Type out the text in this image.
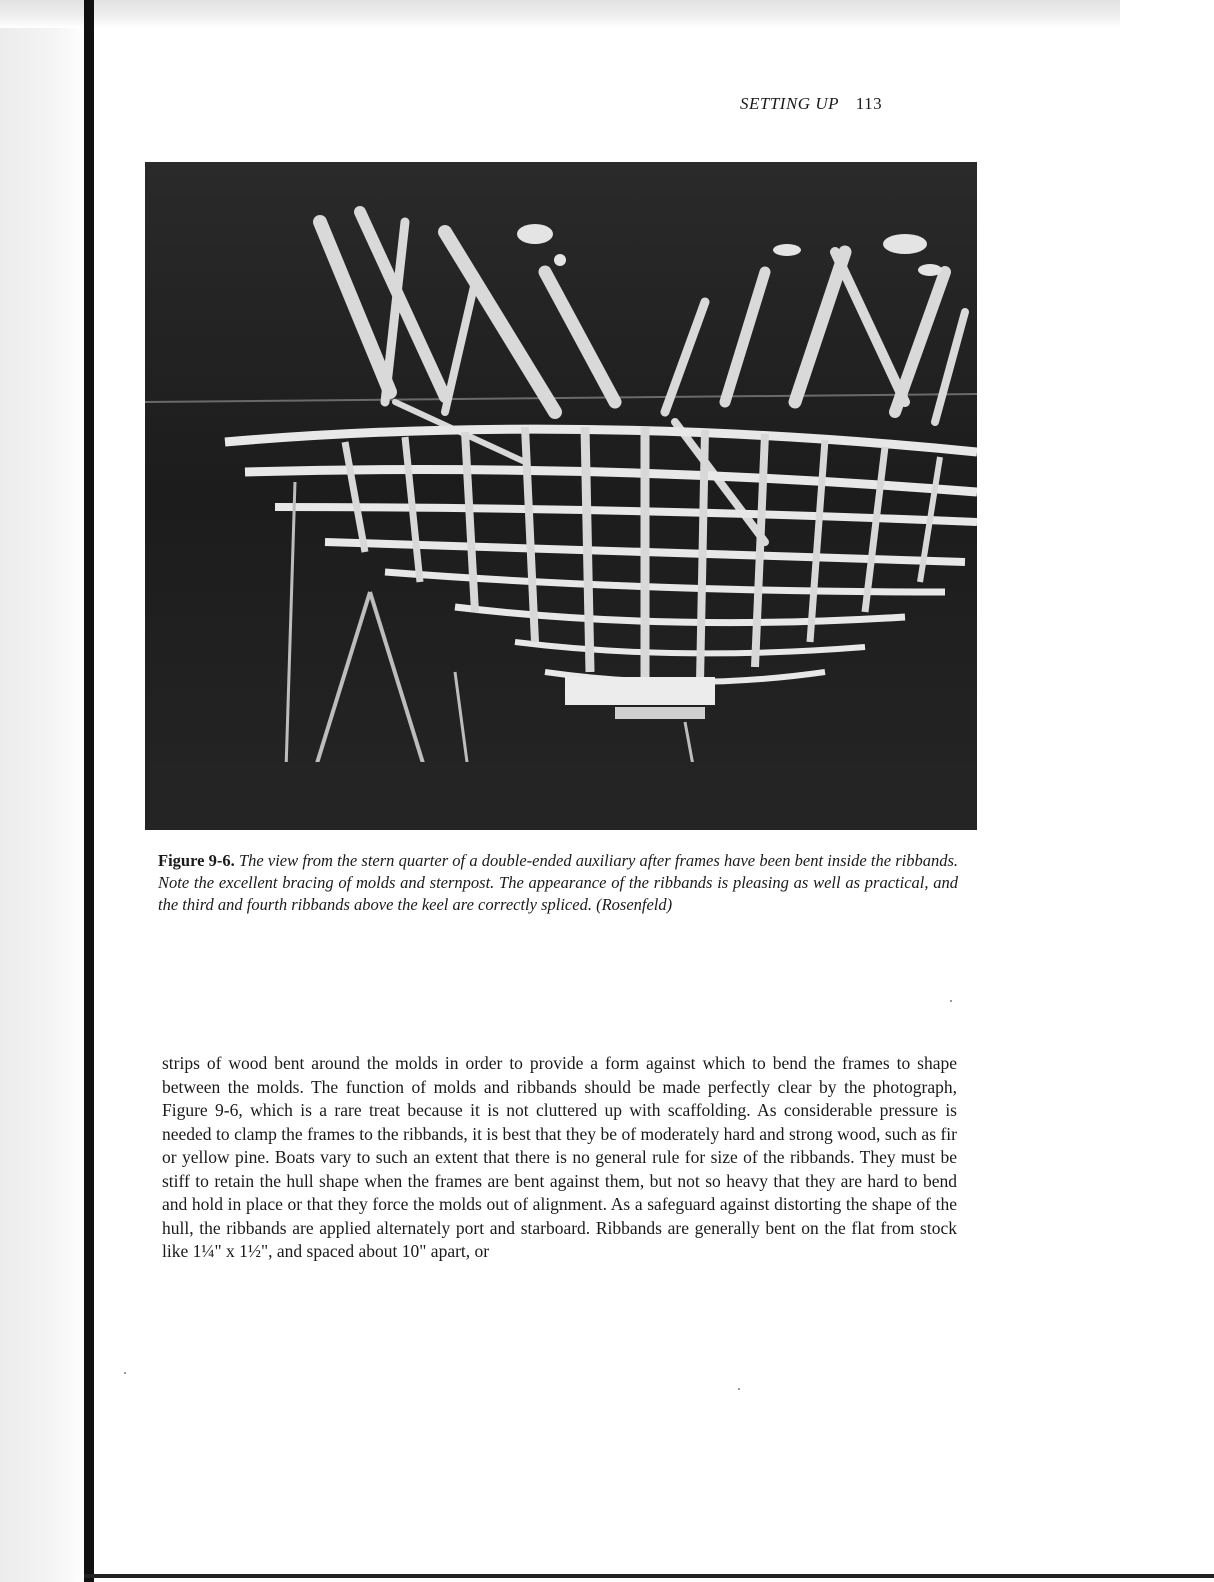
SETTING UP 113
Figure 9-6. The view from the stern quarter of a double-ended auxiliary after frames have been bent inside the ribbands. Note the excellent bracing of molds and sternpost. The appearance of the ribbands is pleasing as well as practical, and the third and fourth ribbands above the keel are correctly spliced. (Rosenfeld)

strips of wood bent around the molds in order to provide a form against which to bend the frames to shape between the molds. The function of molds and ribbands should be made perfectly clear by the photograph, Figure 9-6, which is a rare treat because it is not cluttered up with scaffolding. As considerable pressure is needed to clamp the frames to the ribbands, it is best that they be of moderately hard and strong wood, such as fir or yellow pine. Boats vary to such an extent that there is no general rule for size of the ribbands. They must be stiff to retain the hull shape when the frames are bent against them, but not so heavy that they are hard to bend and hold in place or that they force the molds out of alignment. As a safeguard against distorting the shape of the hull, the ribbands are applied alternately port and starboard. Ribbands are generally bent on the flat from stock like 1¼" x 1½", and spaced about 10" apart, or
